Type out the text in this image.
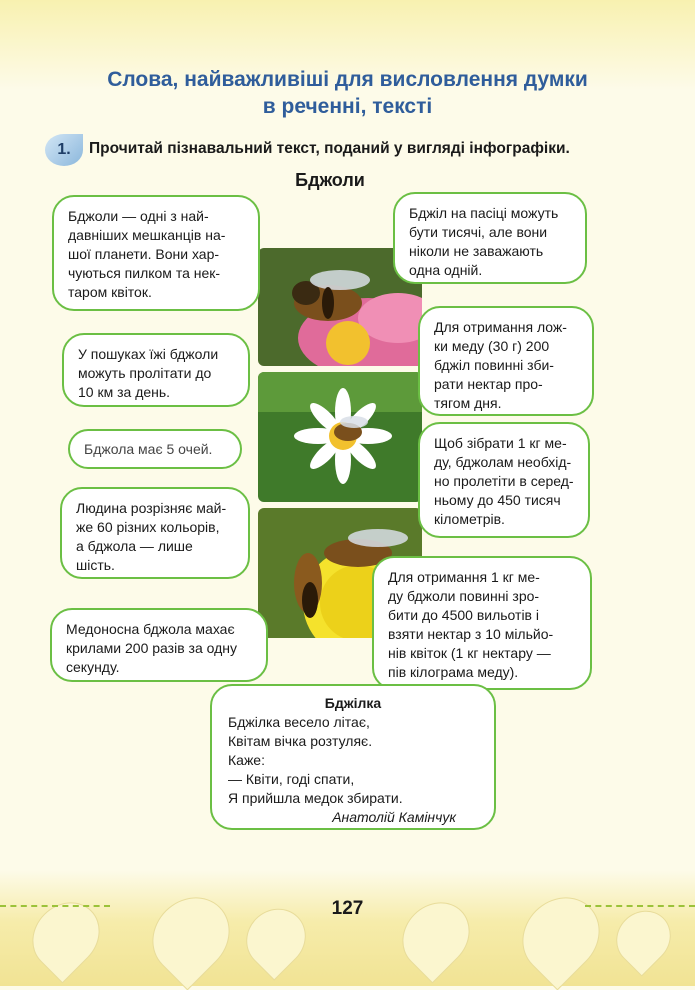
Слова, найважливіші для висловлення думки
в реченні, тексті
1.	Прочитай пізнавальний текст, поданий у вигляді інфографіки.
Бджоли
Бджоли — одні з най-
давніших мешканців на-
шої планети. Вони хар-
чуються пилком та нек-
таром квіток.
У пошуках їжі бджоли
можуть пролітати до
10 км за день.
Бджола має 5 очей.
Людина розрізняє май-
же 60 різних кольорів,
а бджола — лише
шість.
Медоносна бджола махає
крилами 200 разів за одну
секунду.
Бджіл на пасіці можуть
бути тисячі, але вони
ніколи не заважають
одна одній.
Для отримання лож-
ки меду (30 г) 200
бджіл повинні зби-
рати нектар про-
тягом дня.
Щоб зібрати 1 кг ме-
ду, бджолам необхід-
но пролетіти в серед-
ньому до 450 тисяч
кілометрів.
Для отримання 1 кг ме-
ду бджоли повинні зро-
бити до 4500 вильотів і
взяти нектар з 10 мільйо-
нів квіток (1 кг нектару —
пів кілограма меду).
Бджілка
Бджілка весело літає,
Квітам вічка розтуляє.
Каже:
— Квіти, годі спати,
Я прийшла медок збирати.
Анатолій Камінчук
127
